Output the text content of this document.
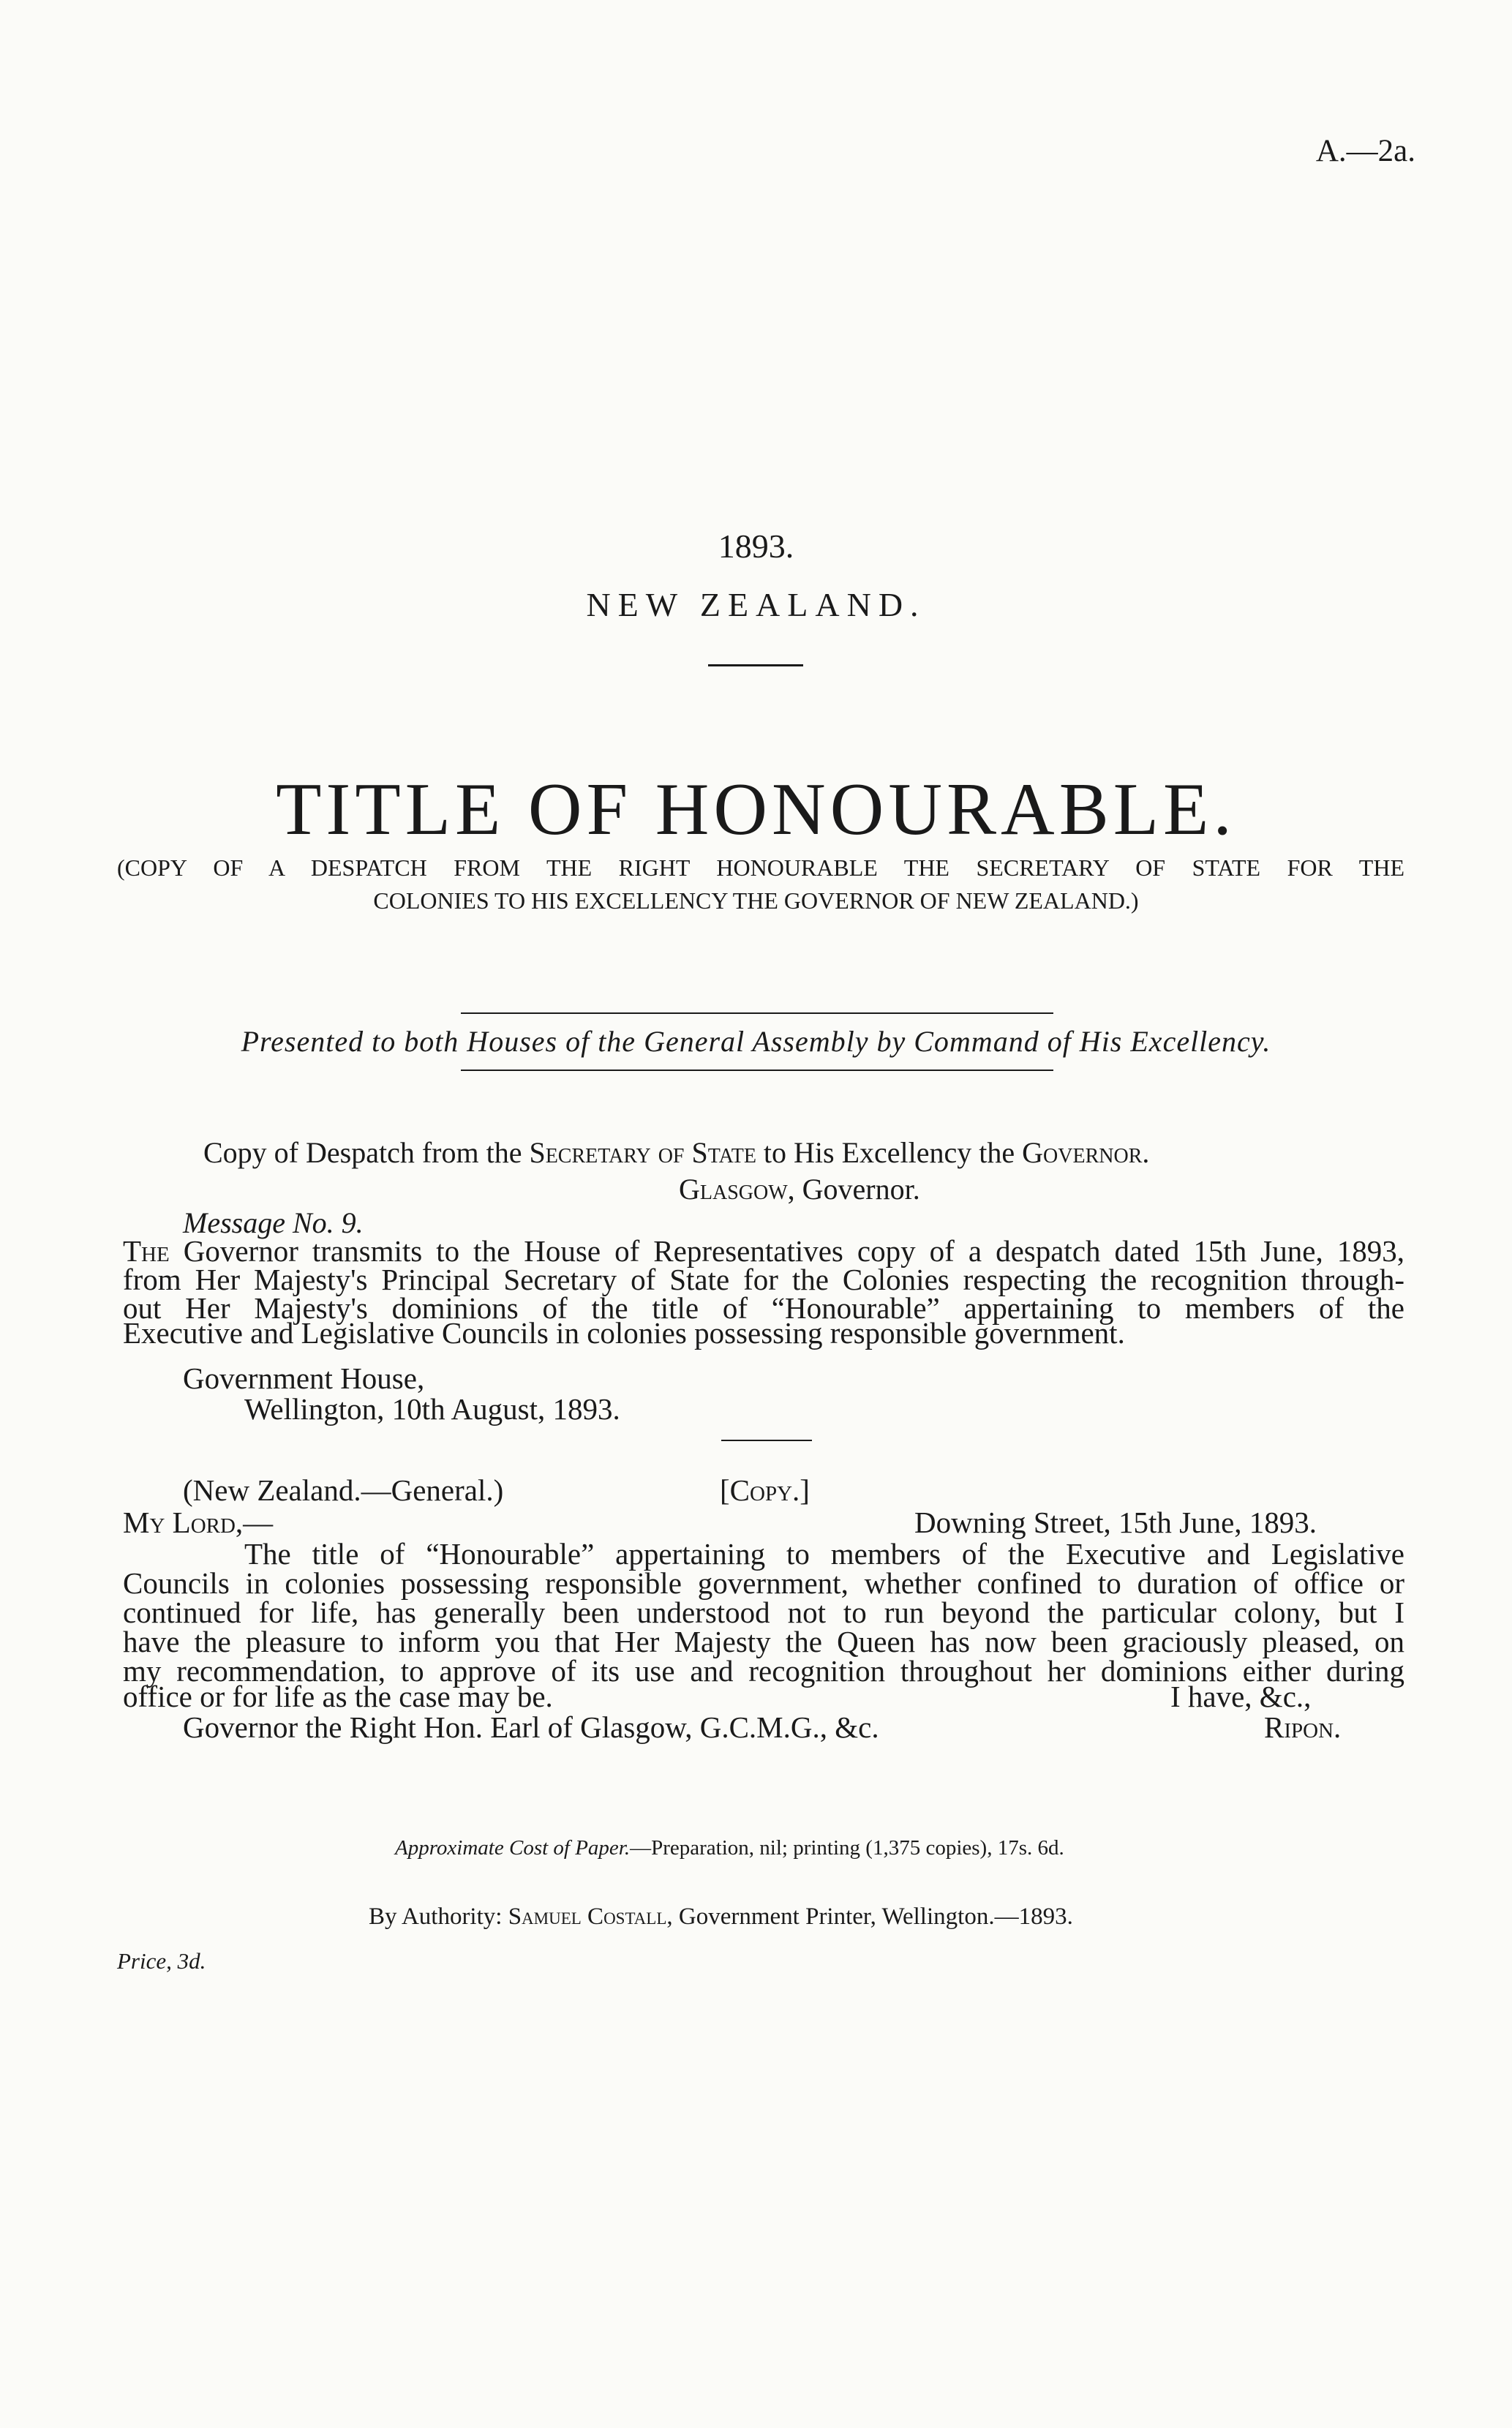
A.—2a.
1893.
NEW ZEALAND.
TITLE OF HONOURABLE.
(COPY OF A DESPATCH FROM THE RIGHT HONOURABLE THE SECRETARY OF STATE FOR THE
COLONIES TO HIS EXCELLENCY THE GOVERNOR OF NEW ZEALAND.)
Presented to both Houses of the General Assembly by Command of His Excellency.
Copy of Despatch from the Secretary of State to His Excellency the Governor.
Glasgow, Governor.
Message No. 9.
The Governor transmits to the House of Representatives copy of a despatch dated 15th June, 1893,
from Her Majesty's Principal Secretary of State for the Colonies respecting the recognition through-
out Her Majesty's dominions of the title of “Honourable” appertaining to members of the
Executive and Legislative Councils in colonies possessing responsible government.
Government House,
Wellington, 10th August, 1893.
(New Zealand.—General.)	[Copy.]
My Lord,—	Downing Street, 15th June, 1893.
The title of “Honourable” appertaining to members of the Executive and Legislative
Councils in colonies possessing responsible government, whether confined to duration of office or
continued for life, has generally been understood not to run beyond the particular colony, but I
have the pleasure to inform you that Her Majesty the Queen has now been graciously pleased, on
my recommendation, to approve of its use and recognition throughout her dominions either during
office or for life as the case may be.	I have, &c.,
Governor the Right Hon. Earl of Glasgow, G.C.M.G., &c.	Ripon.
Approximate Cost of Paper.—Preparation, nil; printing (1,375 copies), 17s. 6d.
By Authority: Samuel Costall, Government Printer, Wellington.—1893.
Price, 3d.
